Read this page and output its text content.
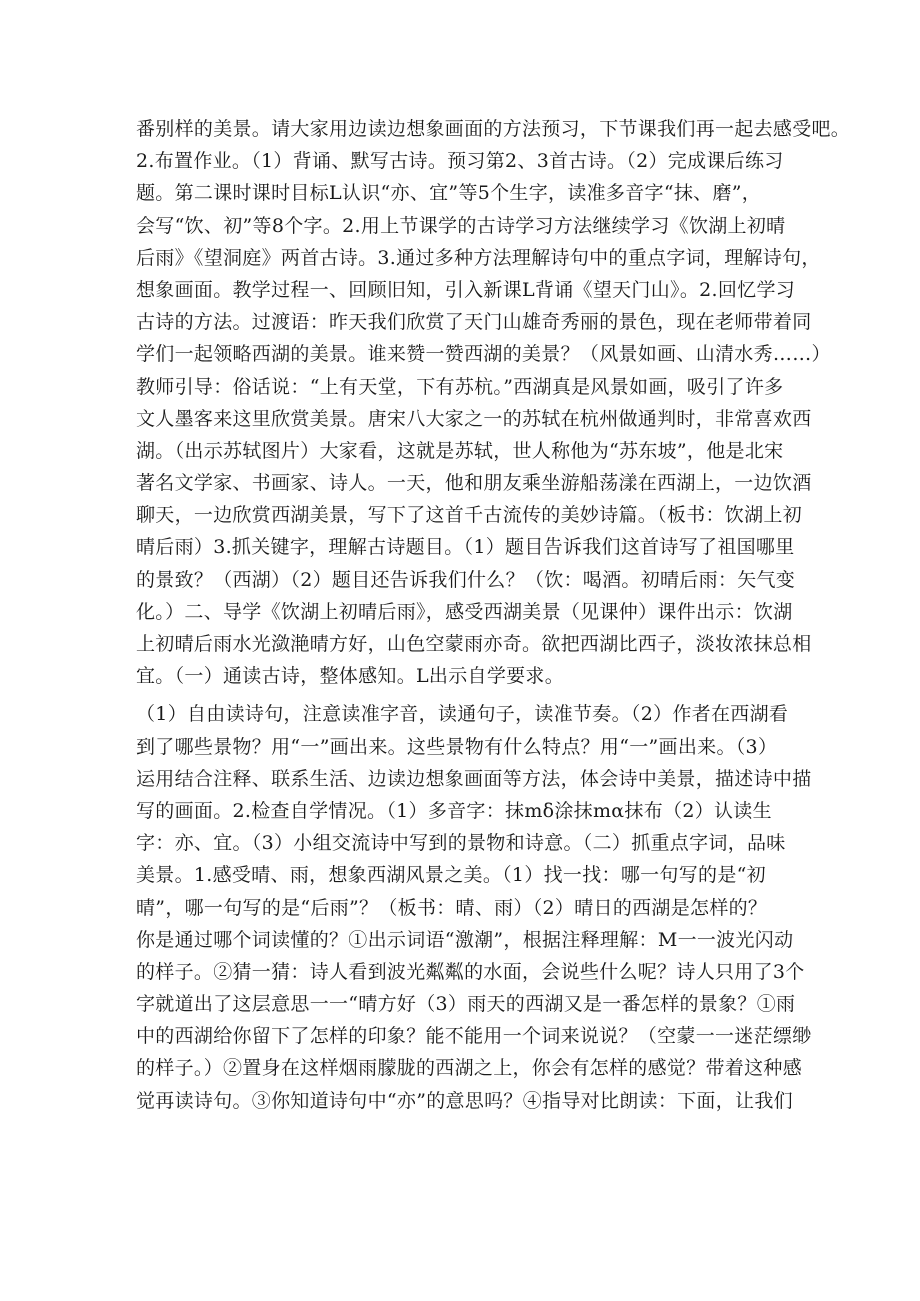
番别样的美景。请大家用边读边想象画面的方法预习，下节课我们再一起去感受吧。
2.布置作业。（1）背诵、默写古诗。预习第2、3首古诗。（2）完成课后练习
题。第二课时课时目标L认识“亦、宜”等5个生字，读准多音字“抹、磨”，
会写“饮、初”等8个字。2.用上节课学的古诗学习方法继续学习《饮湖上初晴
后雨》《望洞庭》两首古诗。3.通过多种方法理解诗句中的重点字词，理解诗句，
想象画面。教学过程一、回顾旧知，引入新课L背诵《望天门山》。2.回忆学习
古诗的方法。过渡语：昨天我们欣赏了天门山雄奇秀丽的景色，现在老师带着同
学们一起领略西湖的美景。谁来赞一赞西湖的美景？（风景如画、山清水秀……）
教师引导：俗话说：“上有天堂，下有苏杭。”西湖真是风景如画，吸引了许多
文人墨客来这里欣赏美景。唐宋八大家之一的苏轼在杭州做通判时，非常喜欢西
湖。（出示苏轼图片）大家看，这就是苏轼，世人称他为“苏东坡”，他是北宋
著名文学家、书画家、诗人。一天，他和朋友乘坐游船荡漾在西湖上，一边饮酒
聊天，一边欣赏西湖美景，写下了这首千古流传的美妙诗篇。（板书：饮湖上初
晴后雨）3.抓关键字，理解古诗题目。（1）题目告诉我们这首诗写了祖国哪里
的景致？（西湖）（2）题目还告诉我们什么？（饮：喝酒。初晴后雨：矢气变
化。）二、导学《饮湖上初晴后雨》，感受西湖美景（见课仲）课件出示：饮湖
上初晴后雨水光潋滟晴方好，山色空蒙雨亦奇。欲把西湖比西子，淡妆浓抹总相
宜。（一）通读古诗，整体感知。L出示自学要求。
（1）自由读诗句，注意读准字音，读通句子，读准节奏。（2）作者在西湖看
到了哪些景物？用“一”画出来。这些景物有什么特点？用“一”画出来。（3）
运用结合注释、联系生活、边读边想象画面等方法，体会诗中美景，描述诗中描
写的画面。2.检查自学情况。（1）多音字：抹mδ涂抹mα抹布（2）认读生
字：亦、宜。（3）小组交流诗中写到的景物和诗意。（二）抓重点字词，品味
美景。1.感受晴、雨，想象西湖风景之美。（1）找一找：哪一句写的是“初
晴”，哪一句写的是“后雨”？（板书：晴、雨）（2）晴日的西湖是怎样的？
你是通过哪个词读懂的？①出示词语“激潮”，根据注释理解：M一一波光闪动
的样子。②猜一猜：诗人看到波光粼粼的水面，会说些什么呢？诗人只用了3个
字就道出了这层意思一一“晴方好（3）雨天的西湖又是一番怎样的景象？①雨
中的西湖给你留下了怎样的印象？能不能用一个词来说说？（空蒙一一迷茫缥缈
的样子。）②置身在这样烟雨朦胧的西湖之上，你会有怎样的感觉？带着这种感
觉再读诗句。③你知道诗句中“亦”的意思吗？④指导对比朗读：下面，让我们
